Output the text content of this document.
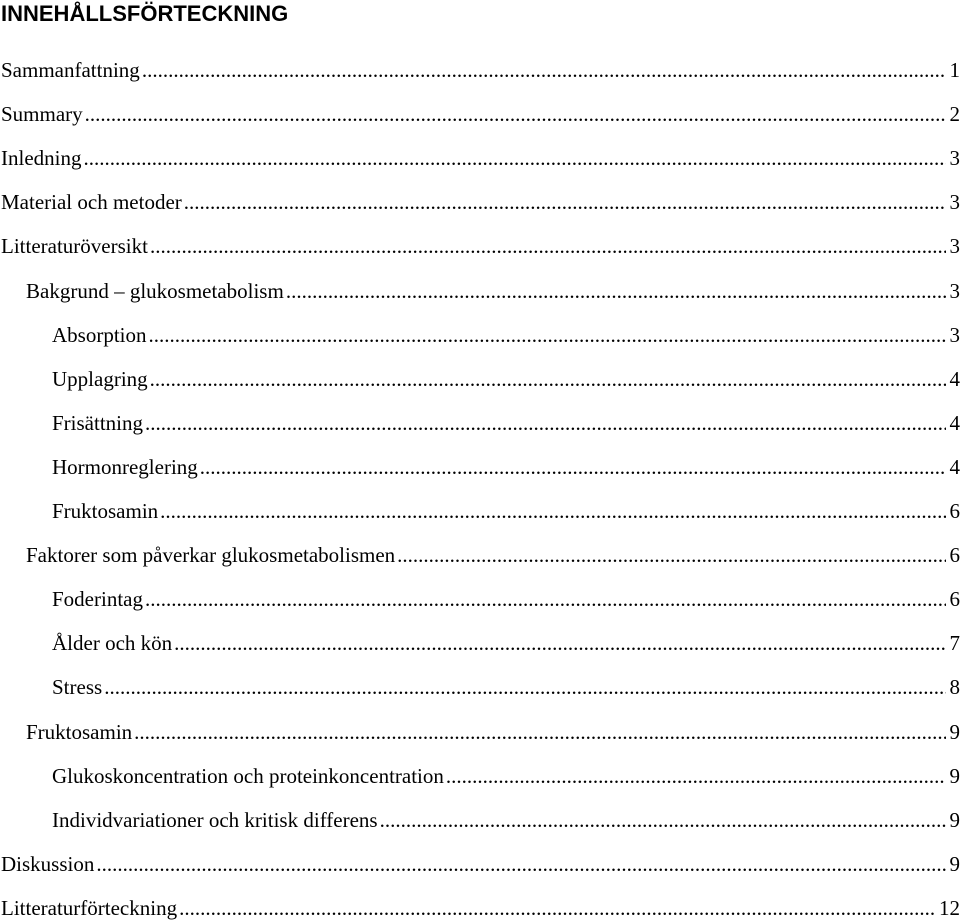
INNEHÅLLSFÖRTECKNING
Sammanfattning .....	1
Summary .....	2
Inledning .....	3
Material och metoder .....	3
Litteraturöversikt .....	3
Bakgrund – glukosmetabolism .....	3
Absorption .....	3
Upplagring .....	4
Frisättning .....	4
Hormonreglering .....	4
Fruktosamin .....	6
Faktorer som påverkar glukosmetabolismen .....	6
Foderintag .....	6
Ålder och kön .....	7
Stress .....	8
Fruktosamin .....	9
Glukoskoncentration och proteinkoncentration .....	9
Individvariationer och kritisk differens .....	9
Diskussion .....	9
Litteraturförteckning .....	12
